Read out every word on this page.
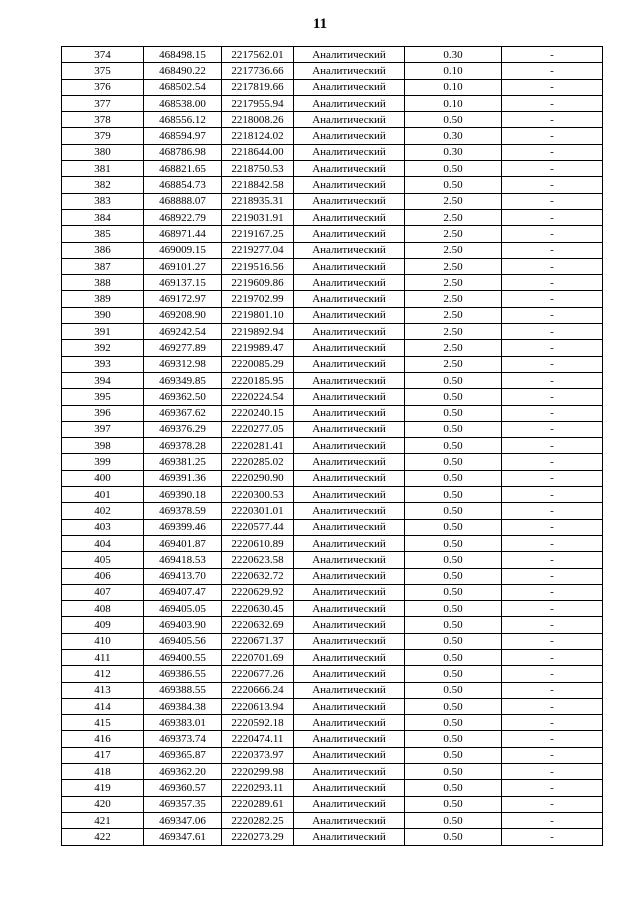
11
374	468498.15	2217562.01	Аналитический	0.30	-
375	468490.22	2217736.66	Аналитический	0.10	-
376	468502.54	2217819.66	Аналитический	0.10	-
377	468538.00	2217955.94	Аналитический	0.10	-
378	468556.12	2218008.26	Аналитический	0.50	-
379	468594.97	2218124.02	Аналитический	0.30	-
380	468786.98	2218644.00	Аналитический	0.30	-
381	468821.65	2218750.53	Аналитический	0.50	-
382	468854.73	2218842.58	Аналитический	0.50	-
383	468888.07	2218935.31	Аналитический	2.50	-
384	468922.79	2219031.91	Аналитический	2.50	-
385	468971.44	2219167.25	Аналитический	2.50	-
386	469009.15	2219277.04	Аналитический	2.50	-
387	469101.27	2219516.56	Аналитический	2.50	-
388	469137.15	2219609.86	Аналитический	2.50	-
389	469172.97	2219702.99	Аналитический	2.50	-
390	469208.90	2219801.10	Аналитический	2.50	-
391	469242.54	2219892.94	Аналитический	2.50	-
392	469277.89	2219989.47	Аналитический	2.50	-
393	469312.98	2220085.29	Аналитический	2.50	-
394	469349.85	2220185.95	Аналитический	0.50	-
395	469362.50	2220224.54	Аналитический	0.50	-
396	469367.62	2220240.15	Аналитический	0.50	-
397	469376.29	2220277.05	Аналитический	0.50	-
398	469378.28	2220281.41	Аналитический	0.50	-
399	469381.25	2220285.02	Аналитический	0.50	-
400	469391.36	2220290.90	Аналитический	0.50	-
401	469390.18	2220300.53	Аналитический	0.50	-
402	469378.59	2220301.01	Аналитический	0.50	-
403	469399.46	2220577.44	Аналитический	0.50	-
404	469401.87	2220610.89	Аналитический	0.50	-
405	469418.53	2220623.58	Аналитический	0.50	-
406	469413.70	2220632.72	Аналитический	0.50	-
407	469407.47	2220629.92	Аналитический	0.50	-
408	469405.05	2220630.45	Аналитический	0.50	-
409	469403.90	2220632.69	Аналитический	0.50	-
410	469405.56	2220671.37	Аналитический	0.50	-
411	469400.55	2220701.69	Аналитический	0.50	-
412	469386.55	2220677.26	Аналитический	0.50	-
413	469388.55	2220666.24	Аналитический	0.50	-
414	469384.38	2220613.94	Аналитический	0.50	-
415	469383.01	2220592.18	Аналитический	0.50	-
416	469373.74	2220474.11	Аналитический	0.50	-
417	469365.87	2220373.97	Аналитический	0.50	-
418	469362.20	2220299.98	Аналитический	0.50	-
419	469360.57	2220293.11	Аналитический	0.50	-
420	469357.35	2220289.61	Аналитический	0.50	-
421	469347.06	2220282.25	Аналитический	0.50	-
422	469347.61	2220273.29	Аналитический	0.50	-
